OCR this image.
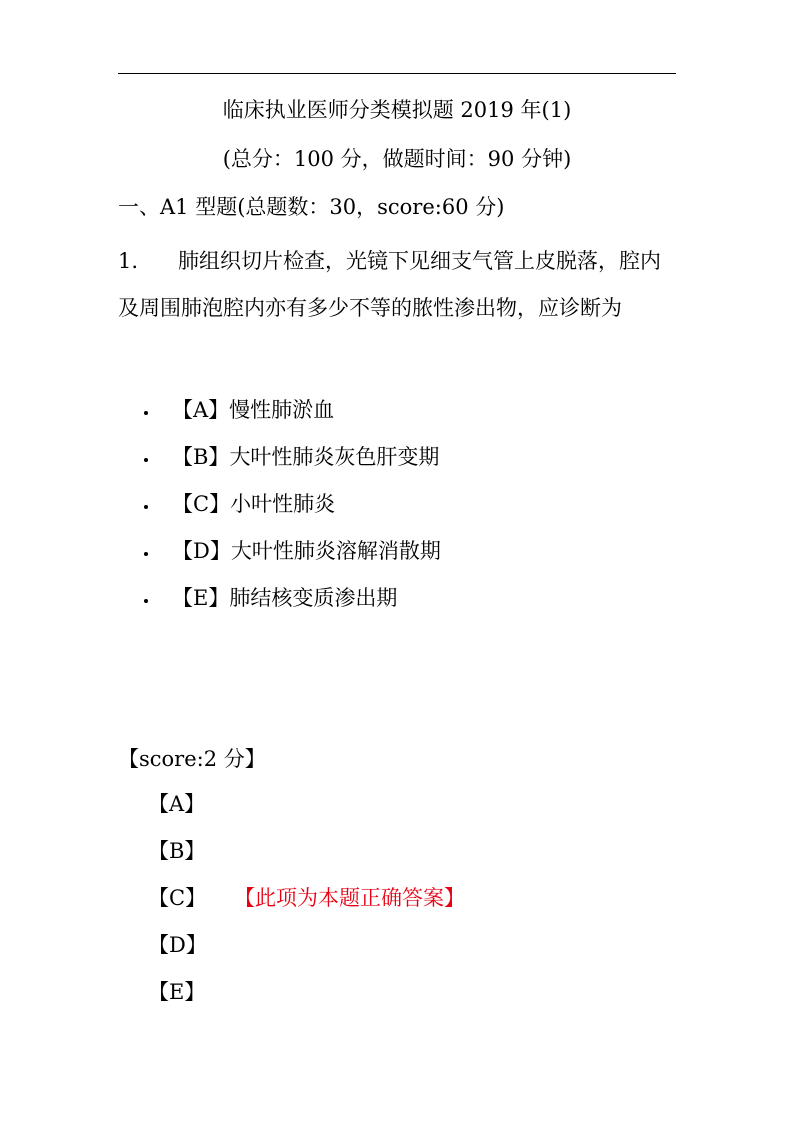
临床执业医师分类模拟题 2019 年(1)
(总分：100 分，做题时间：90 分钟)
一、A1 型题(总题数：30，score:60 分)
1. 肺组织切片检查，光镜下见细支气管上皮脱落，腔内及周围肺泡腔内亦有多少不等的脓性渗出物，应诊断为
【A】 慢性肺淤血
【B】 大叶性肺炎灰色肝变期
【C】 小叶性肺炎
【D】 大叶性肺炎溶解消散期
【E】 肺结核变质渗出期
【score:2 分】
【A】
【B】
【C】 【此项为本题正确答案】
【D】
【E】
